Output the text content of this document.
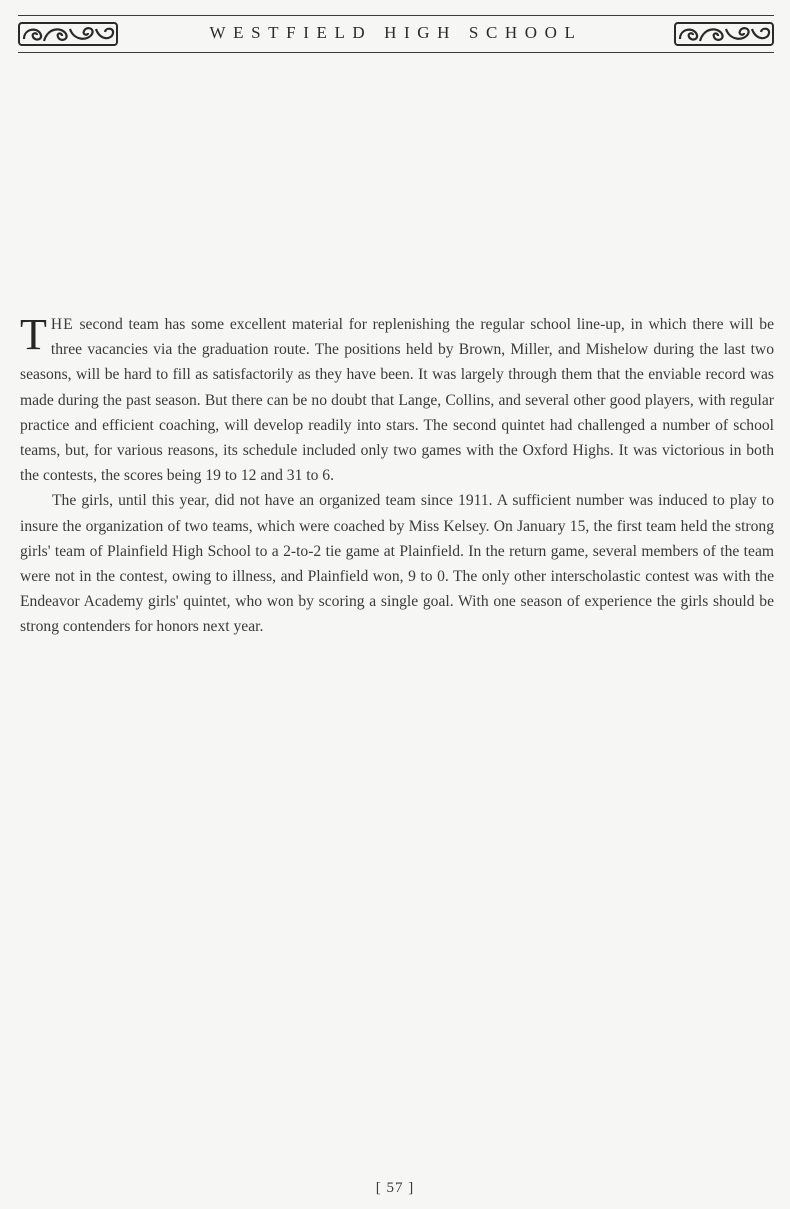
WESTFIELD HIGH SCHOOL

THE second team has some excellent material for replenishing the regular school line-up, in which there will be three vacancies via the graduation route. The positions held by Brown, Miller, and Mishelow during the last two seasons, will be hard to fill as satisfactorily as they have been. It was largely through them that the enviable record was made during the past season. But there can be no doubt that Lange, Collins, and several other good players, with regular practice and efficient coaching, will develop readily into stars. The second quintet had challenged a number of school teams, but, for various reasons, its schedule included only two games with the Oxford Highs. It was victorious in both the contests, the scores being 19 to 12 and 31 to 6.

The girls, until this year, did not have an organized team since 1911. A sufficient number was induced to play to insure the organization of two teams, which were coached by Miss Kelsey. On January 15, the first team held the strong girls' team of Plainfield High School to a 2-to-2 tie game at Plainfield. In the return game, several members of the team were not in the contest, owing to illness, and Plainfield won, 9 to 0. The only other interscholastic contest was with the Endeavor Academy girls' quintet, who won by scoring a single goal. With one season of experience the girls should be strong contenders for honors next year.

[ 57 ]
